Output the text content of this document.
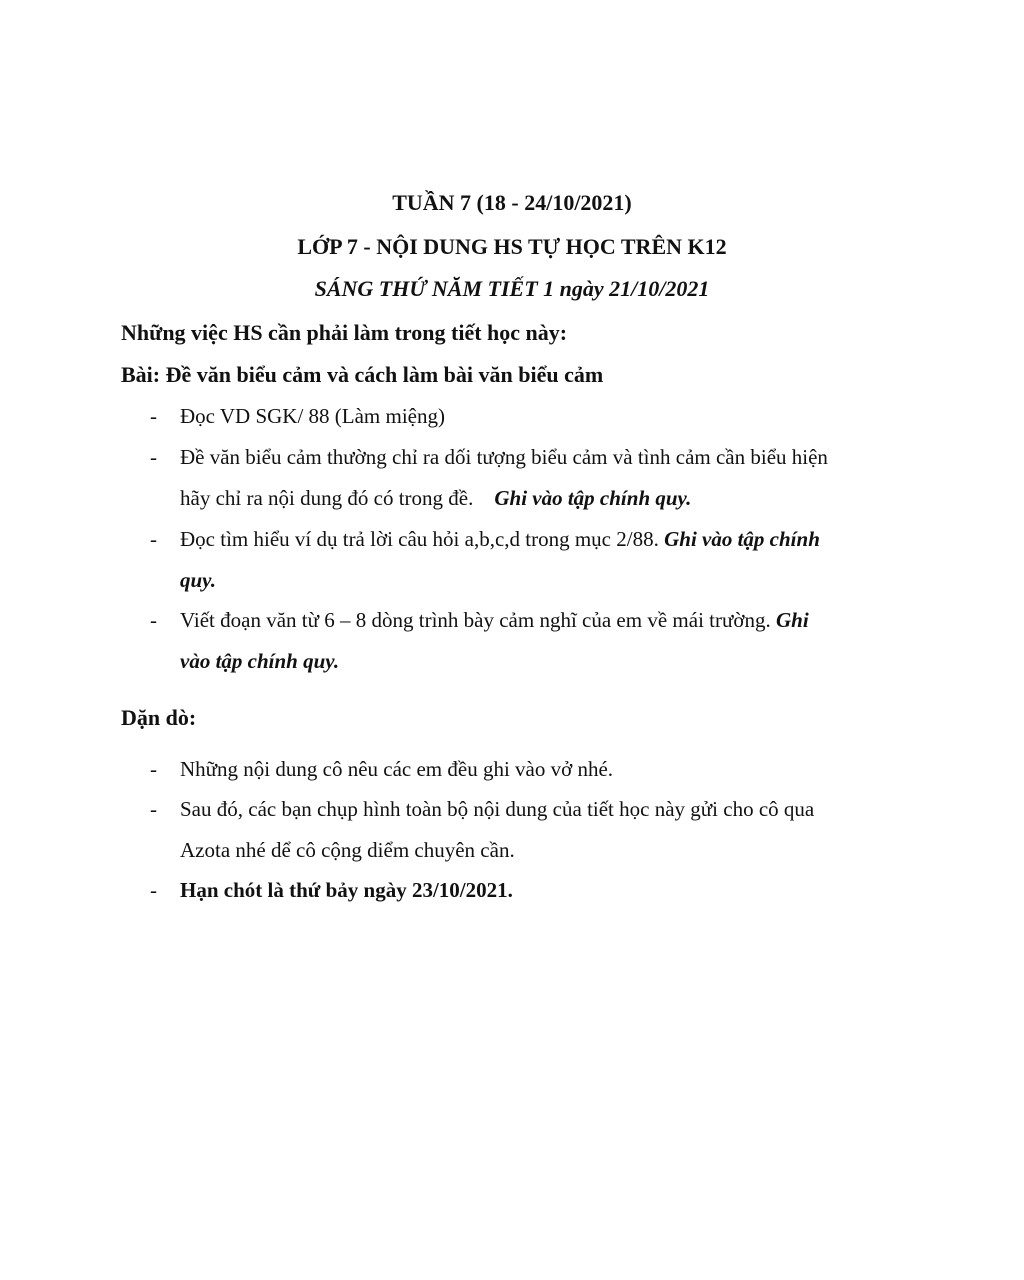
TUẦN 7 (18 - 24/10/2021)
LỚP 7 - NỘI DUNG HS TỰ HỌC TRÊN K12
SÁNG THỨ NĂM TIẾT 1 ngày 21/10/2021
Những việc HS cần phải làm trong tiết học này:
Bài: Đề văn biểu cảm và cách làm bài văn biểu cảm
- Đọc VD SGK/ 88 (Làm miệng)
- Đề văn biểu cảm thường chỉ ra dối tượng biểu cảm và tình cảm cần biểu hiện
hãy chỉ ra nội dung đó có trong đề. Ghi vào tập chính quy.
- Đọc tìm hiểu ví dụ trả lời câu hỏi a,b,c,d trong mục 2/88. Ghi vào tập chính
quy.
- Viết đoạn văn từ 6 – 8 dòng trình bày cảm nghĩ của em về mái trường. Ghi
vào tập chính quy.
Dặn dò:
- Những nội dung cô nêu các em đều ghi vào vở nhé.
- Sau đó, các bạn chụp hình toàn bộ nội dung của tiết học này gửi cho cô qua
Azota nhé dể cô cộng diểm chuyên cần.
- Hạn chót là thứ bảy ngày 23/10/2021.
